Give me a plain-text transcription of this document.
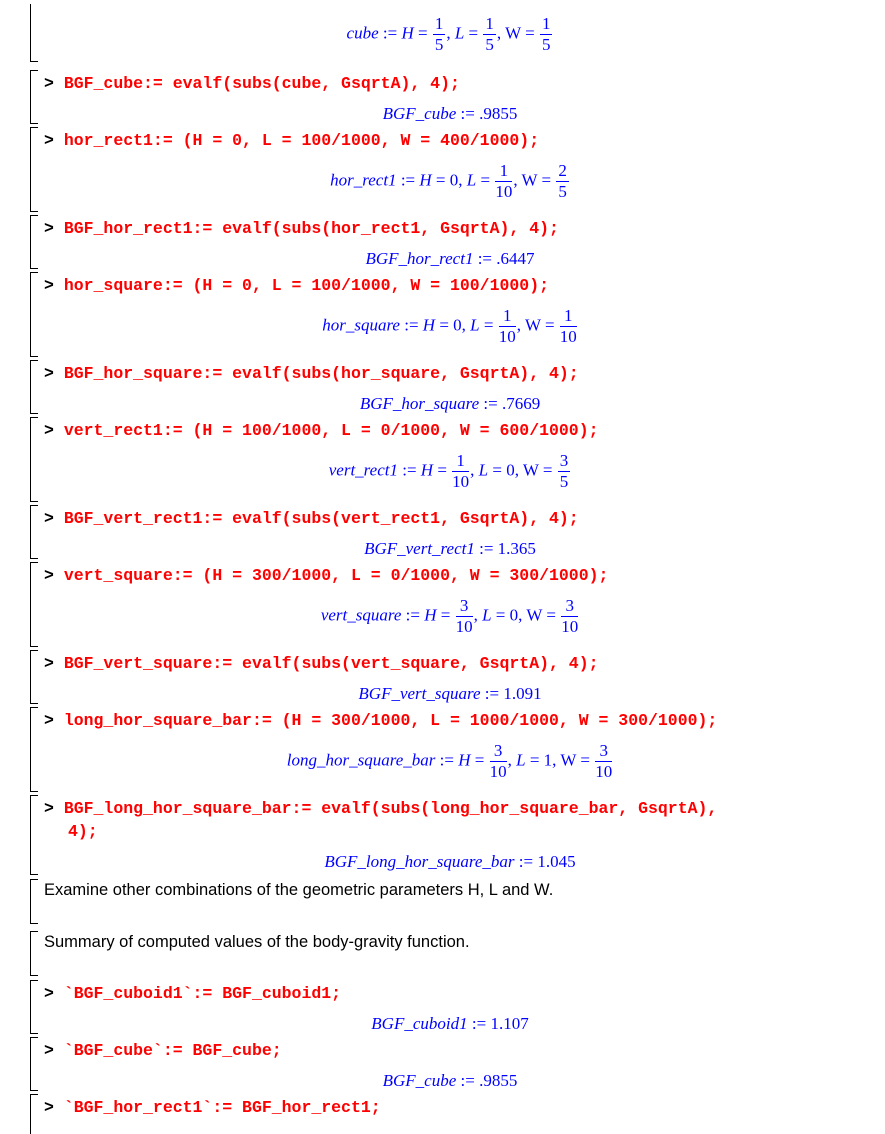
cube := $H = \frac{1}{5}$ , $L = \frac{1}{5}$ , $W = \frac{1}{5}$
> BGF_cube:= evalf(subs(cube, GsqrtA), 4);
BGF_cube := .9855
> hor_rect1:= (H = 0, L = 100/1000, W = 400/1000);
hor_rect1 := H = 0, $L = \frac{1}{10}$ , $W = \frac{2}{5}$
> BGF_hor_rect1:= evalf(subs(hor_rect1, GsqrtA), 4);
BGF_hor_rect1 := .6447
> hor_square:= (H = 0, L = 100/1000, W = 100/1000);
hor_square := H = 0, $L = \frac{1}{10}$ , $W = \frac{1}{10}$
> BGF_hor_square:= evalf(subs(hor_square, GsqrtA), 4);
BGF_hor_square := .7669
> vert_rect1:= (H = 100/1000, L = 0/1000, W = 600/1000);
vert_rect1 := $H = \frac{1}{10}$ , L = 0, $W = \frac{3}{5}$
> BGF_vert_rect1:= evalf(subs(vert_rect1, GsqrtA), 4);
BGF_vert_rect1 := 1.365
> vert_square:= (H = 300/1000, L = 0/1000, W = 300/1000);
vert_square := $H = \frac{3}{10}$ , L = 0, $W = \frac{3}{10}$
> BGF_vert_square:= evalf(subs(vert_square, GsqrtA), 4);
BGF_vert_square := 1.091
> long_hor_square_bar:= (H = 300/1000, L = 1000/1000, W = 300/1000);
long_hor_square_bar := $H = \frac{3}{10}$ , L = 1, $W = \frac{3}{10}$
> BGF_long_hor_square_bar:= evalf(subs(long_hor_square_bar, GsqrtA),
4);
BGF_long_hor_square_bar := 1.045
Examine other combinations of the geometric parameters H, L and W.
Summary of computed values of the body-gravity function.
> `BGF_cuboid1`:= BGF_cuboid1;
BGF_cuboid1 := 1.107
> `BGF_cube`:= BGF_cube;
BGF_cube := .9855
> `BGF_hor_rect1`:= BGF_hor_rect1;
